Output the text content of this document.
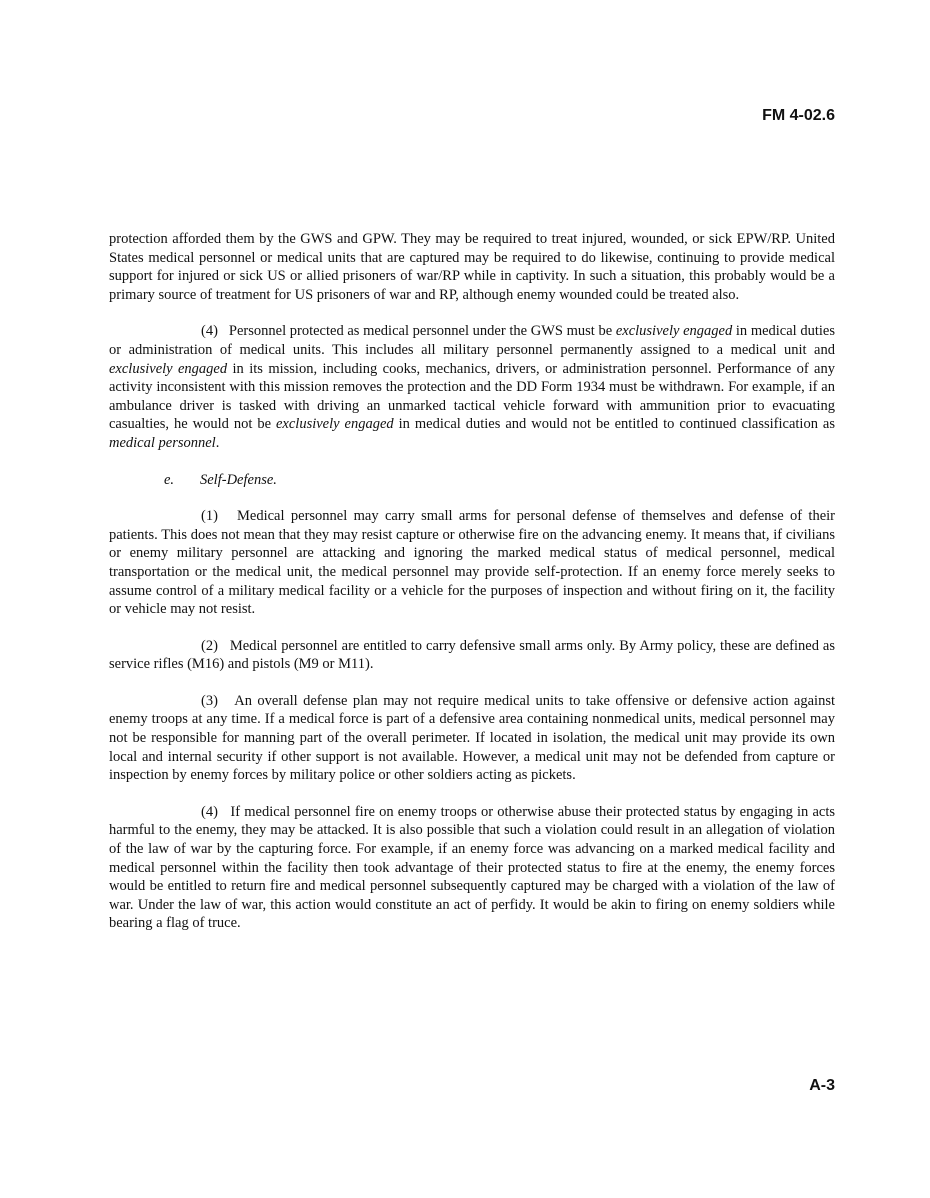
FM 4-02.6

protection afforded them by the GWS and GPW. They may be required to treat injured, wounded, or sick EPW/RP. United States medical personnel or medical units that are captured may be required to do likewise, continuing to provide medical support for injured or sick US or allied prisoners of war/RP while in captivity. In such a situation, this probably would be a primary source of treatment for US prisoners of war and RP, although enemy wounded could be treated also.

(4) Personnel protected as medical personnel under the GWS must be exclusively engaged in medical duties or administration of medical units. This includes all military personnel permanently assigned to a medical unit and exclusively engaged in its mission, including cooks, mechanics, drivers, or administration personnel. Performance of any activity inconsistent with this mission removes the protection and the DD Form 1934 must be withdrawn. For example, if an ambulance driver is tasked with driving an unmarked tactical vehicle forward with ammunition prior to evacuating casualties, he would not be exclusively engaged in medical duties and would not be entitled to continued classification as medical personnel.

e. Self-Defense.

(1) Medical personnel may carry small arms for personal defense of themselves and defense of their patients. This does not mean that they may resist capture or otherwise fire on the advancing enemy. It means that, if civilians or enemy military personnel are attacking and ignoring the marked medical status of medical personnel, medical transportation or the medical unit, the medical personnel may provide self-protection. If an enemy force merely seeks to assume control of a military medical facility or a vehicle for the purposes of inspection and without firing on it, the facility or vehicle may not resist.

(2) Medical personnel are entitled to carry defensive small arms only. By Army policy, these are defined as service rifles (M16) and pistols (M9 or M11).

(3) An overall defense plan may not require medical units to take offensive or defensive action against enemy troops at any time. If a medical force is part of a defensive area containing nonmedical units, medical personnel may not be responsible for manning part of the overall perimeter. If located in isolation, the medical unit may provide its own local and internal security if other support is not available. However, a medical unit may not be defended from capture or inspection by enemy forces by military police or other soldiers acting as pickets.

(4) If medical personnel fire on enemy troops or otherwise abuse their protected status by engaging in acts harmful to the enemy, they may be attacked. It is also possible that such a violation could result in an allegation of violation of the law of war by the capturing force. For example, if an enemy force was advancing on a marked medical facility and medical personnel within the facility then took advantage of their protected status to fire at the enemy, the enemy forces would be entitled to return fire and medical personnel subsequently captured may be charged with a violation of the law of war. Under the law of war, this action would constitute an act of perfidy. It would be akin to firing on enemy soldiers while bearing a flag of truce.

A-3
